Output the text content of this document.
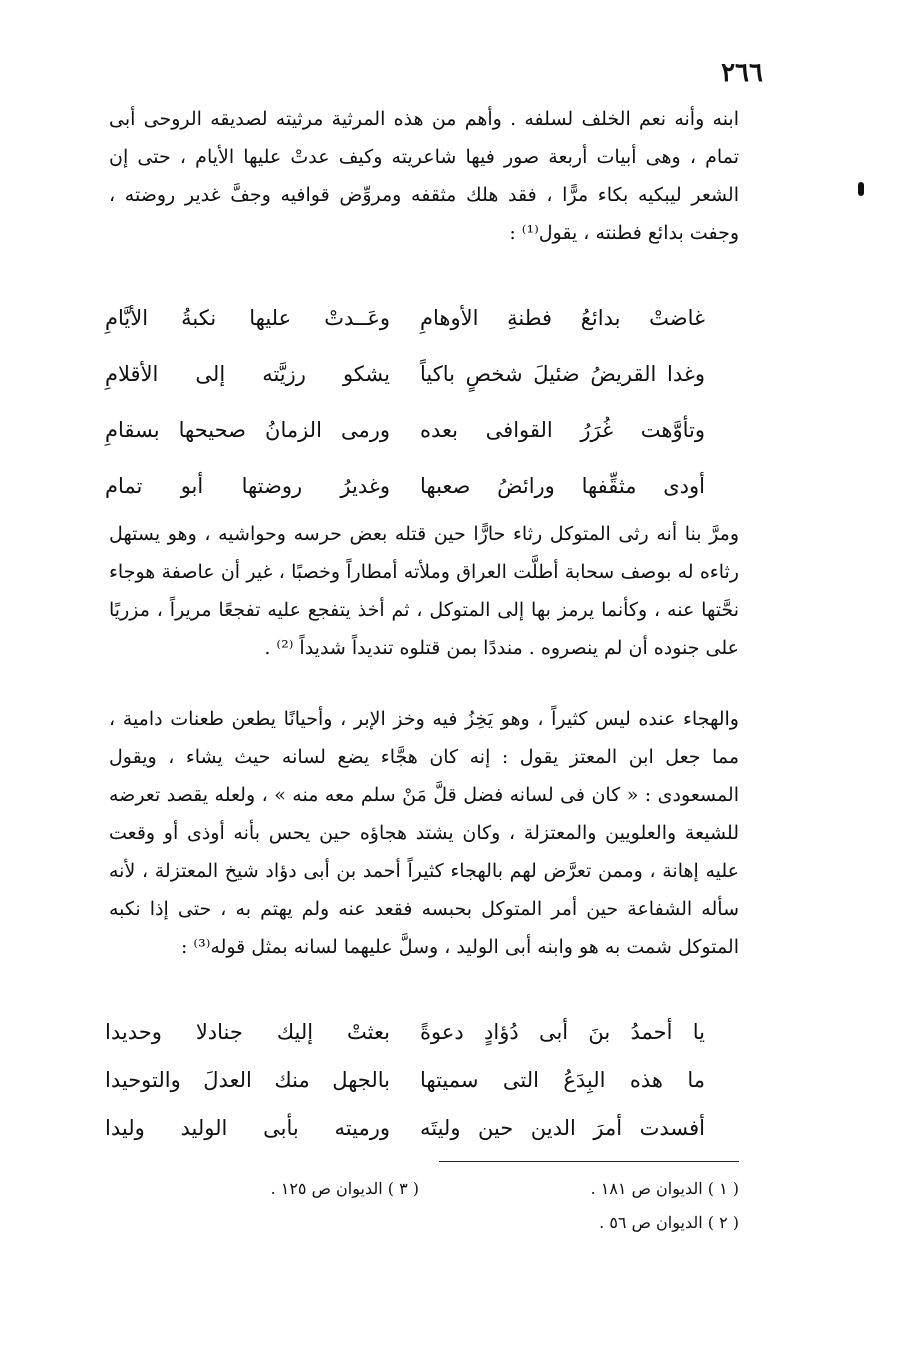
٢٦٦

ابنه وأنه نعم الخلف لسلفه . وأهم من هذه المرثية مرثيته لصديقه الروحى أبى تمام ، وهى أبيات أربعة صور فيها شاعريته وكيف عدتْ عليها الأيام ، حتى إن الشعر ليبكيه بكاء مرًّا ، فقد هلك مثقفه ومروِّض قوافيه وجفَّ غدير روضته ، وجفت بدائع فطنته ، يقول⁽¹⁾ :

غاضتْ بدائعُ فطنةِ الأوهامِ
وعَــدتْ عليها نكبةُ الأيَّامِ
وغدا القريضُ ضئيلَ شخصٍ باكياً
يشكو رزيَّته إلى الأقلامِ
وتأوَّهت غُرَرُ القوافى بعده
ورمى الزمانُ صحيحها بسقامِ
أودى مثقِّفها ورائضُ صعبها
وغديرُ روضتها أبو تمام

ومرَّ بنا أنه رثى المتوكل رثاء حارًّا حين قتله بعض حرسه وحواشيه ، وهو يستهل رثاءه له بوصف سحابة أطلَّت العراق وملأته أمطاراً وخصبًا ، غير أن عاصفة هوجاء نحَّتها عنه ، وكأنما يرمز بها إلى المتوكل ، ثم أخذ يتفجع عليه تفجعًا مريراً ، مزريًا على جنوده أن لم ينصروه . منددًا بمن قتلوه تنديداً شديداً ⁽²⁾ .

والهجاء عنده ليس كثيراً ، وهو يَخِزُ فيه وخز الإبر ، وأحيانًا يطعن طعنات دامية ، مما جعل ابن المعتز يقول : إنه كان هجَّاء يضع لسانه حيث يشاء ، ويقول المسعودى : « كان فى لسانه فضل قلَّ مَنْ سلم معه منه » ، ولعله يقصد تعرضه للشيعة والعلويين والمعتزلة ، وكان يشتد هجاؤه حين يحس بأنه أوذى أو وقعت عليه إهانة ، وممن تعرَّض لهم بالهجاء كثيراً أحمد بن أبى دؤاد شيخ المعتزلة ، لأنه سأله الشفاعة حين أمر المتوكل بحبسه فقعد عنه ولم يهتم به ، حتى إذا نكبه المتوكل شمت به هو وابنه أبى الوليد ، وسلَّ عليهما لسانه بمثل قوله⁽³⁾ :

يا أحمدُ بنَ أبى دُؤادٍ دعوةً
بعثتْ إليك جنادلا وحديدا
ما هذه البِدَعُ التى سميتها
بالجهل منك العدلَ والتوحيدا
أفسدت أمرَ الدين حين وليتَه
ورميته بأبى الوليد وليدا
( ١ ) الديوان ص ١٨١ .
( ٣ ) الديوان ص ١٢٥ .
( ٢ ) الديوان ص ٥٦ .
